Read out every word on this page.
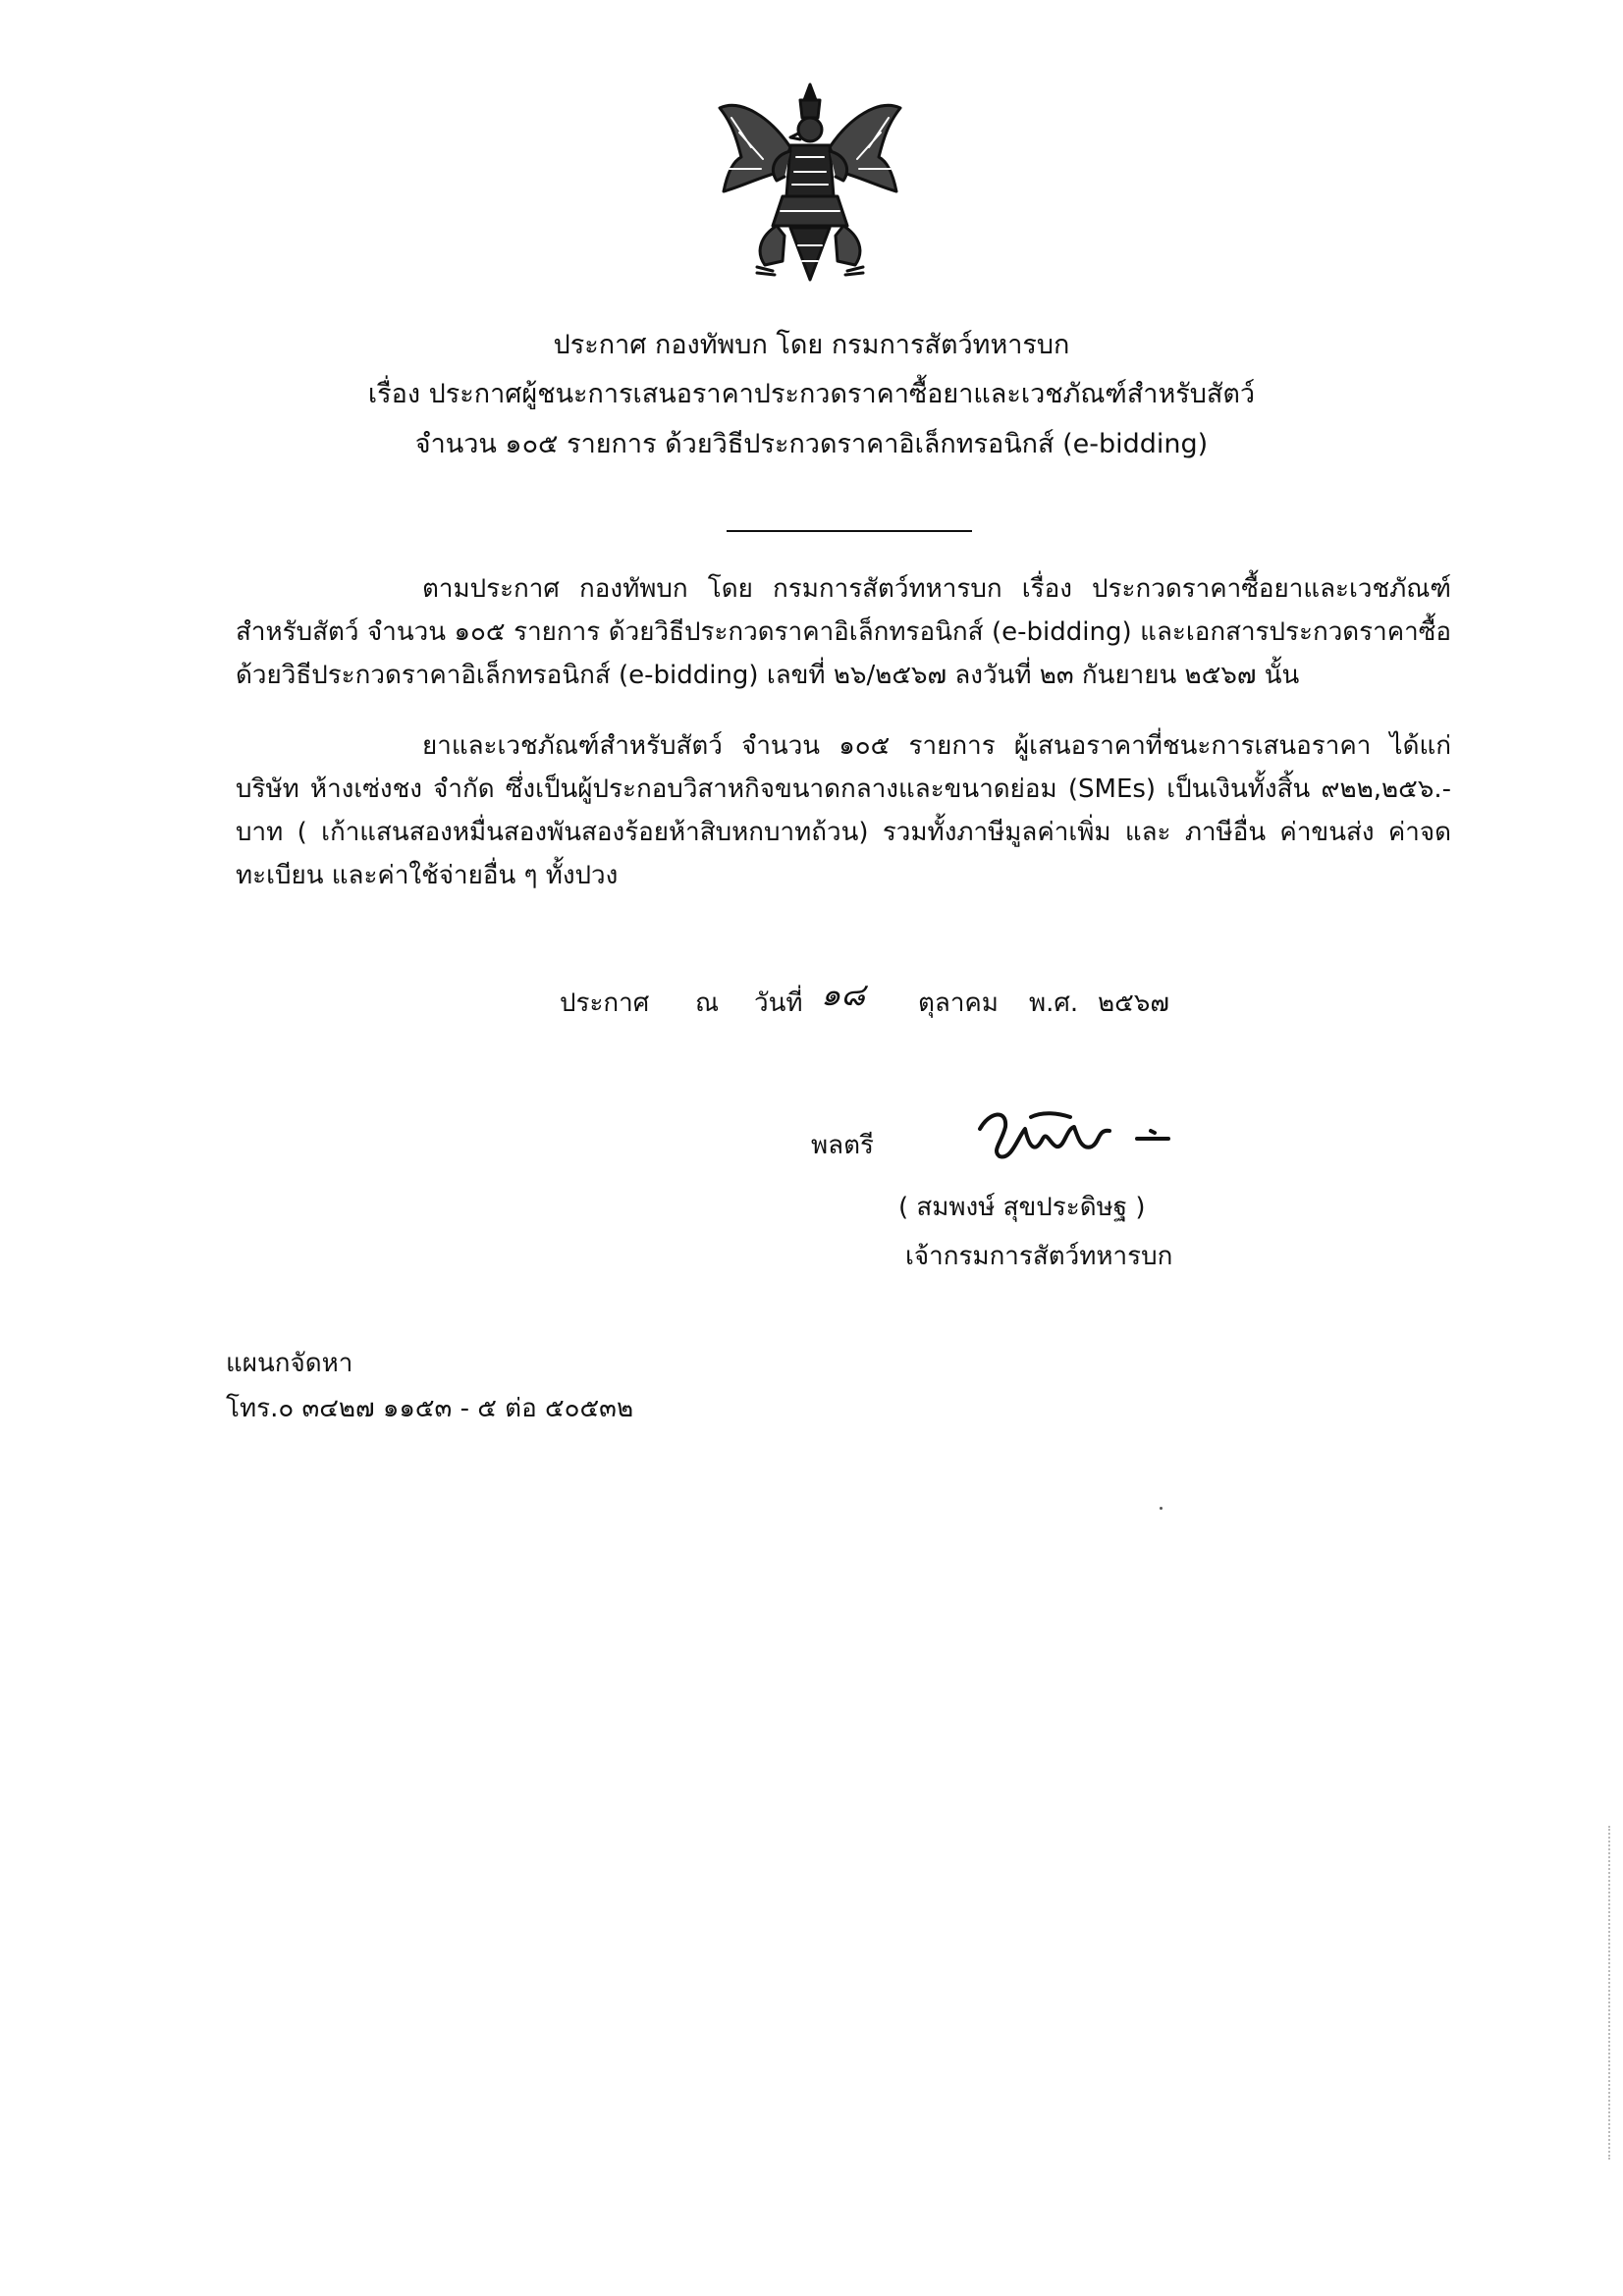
ประกาศ กองทัพบก โดย กรมการสัตว์ทหารบก
เรื่อง ประกาศผู้ชนะการเสนอราคาประกวดราคาซื้อยาและเวชภัณฑ์สำหรับสัตว์
จำนวน ๑๐๕ รายการ ด้วยวิธีประกวดราคาอิเล็กทรอนิกส์ (e-bidding)
ตามประกาศ กองทัพบก โดย กรมการสัตว์ทหารบก เรื่อง ประกวดราคาซื้อยาและเวชภัณฑ์สำหรับสัตว์ จำนวน ๑๐๕ รายการ ด้วยวิธีประกวดราคาอิเล็กทรอนิกส์ (e-bidding) และเอกสารประกวดราคาซื้อด้วยวิธีประกวดราคาอิเล็กทรอนิกส์ (e-bidding) เลขที่ ๒๖/๒๕๖๗ ลงวันที่ ๒๓ กันยายน ๒๕๖๗ นั้น
ยาและเวชภัณฑ์สำหรับสัตว์ จำนวน ๑๐๕ รายการ ผู้เสนอราคาที่ชนะการเสนอราคา ได้แก่ บริษัท ห้างเซ่งชง จำกัด ซึ่งเป็นผู้ประกอบวิสาหกิจขนาดกลางและขนาดย่อม (SMEs) เป็นเงินทั้งสิ้น ๙๒๒,๒๕๖.- บาท ( เก้าแสนสองหมื่นสองพันสองร้อยห้าสิบหกบาทถ้วน) รวมทั้งภาษีมูลค่าเพิ่ม และ ภาษีอื่น ค่าขนส่ง ค่าจดทะเบียน และค่าใช้จ่ายอื่น ๆ ทั้งปวง
ประกาศ ณ วันที่ ๑๘ ตุลาคม พ.ศ. ๒๕๖๗
พลตรี
( สมพงษ์ สุขประดิษฐ )
เจ้ากรมการสัตว์ทหารบก
แผนกจัดหา
โทร.๐ ๓๔๒๗ ๑๑๕๓ - ๕ ต่อ ๕๐๕๓๒
